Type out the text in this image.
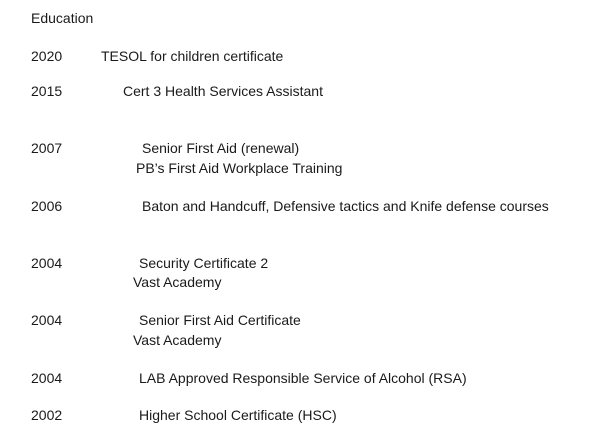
Education
2020	TESOL for children certificate
2015	Cert 3 Health Services Assistant
2007	Senior First Aid (renewal)
PB’s First Aid Workplace Training
2006	Baton and Handcuff, Defensive tactics and Knife defense courses
2004	Security Certificate 2
Vast Academy
2004	Senior First Aid Certificate
Vast Academy
2004	LAB Approved Responsible Service of Alcohol (RSA)
2002	Higher School Certificate (HSC)
